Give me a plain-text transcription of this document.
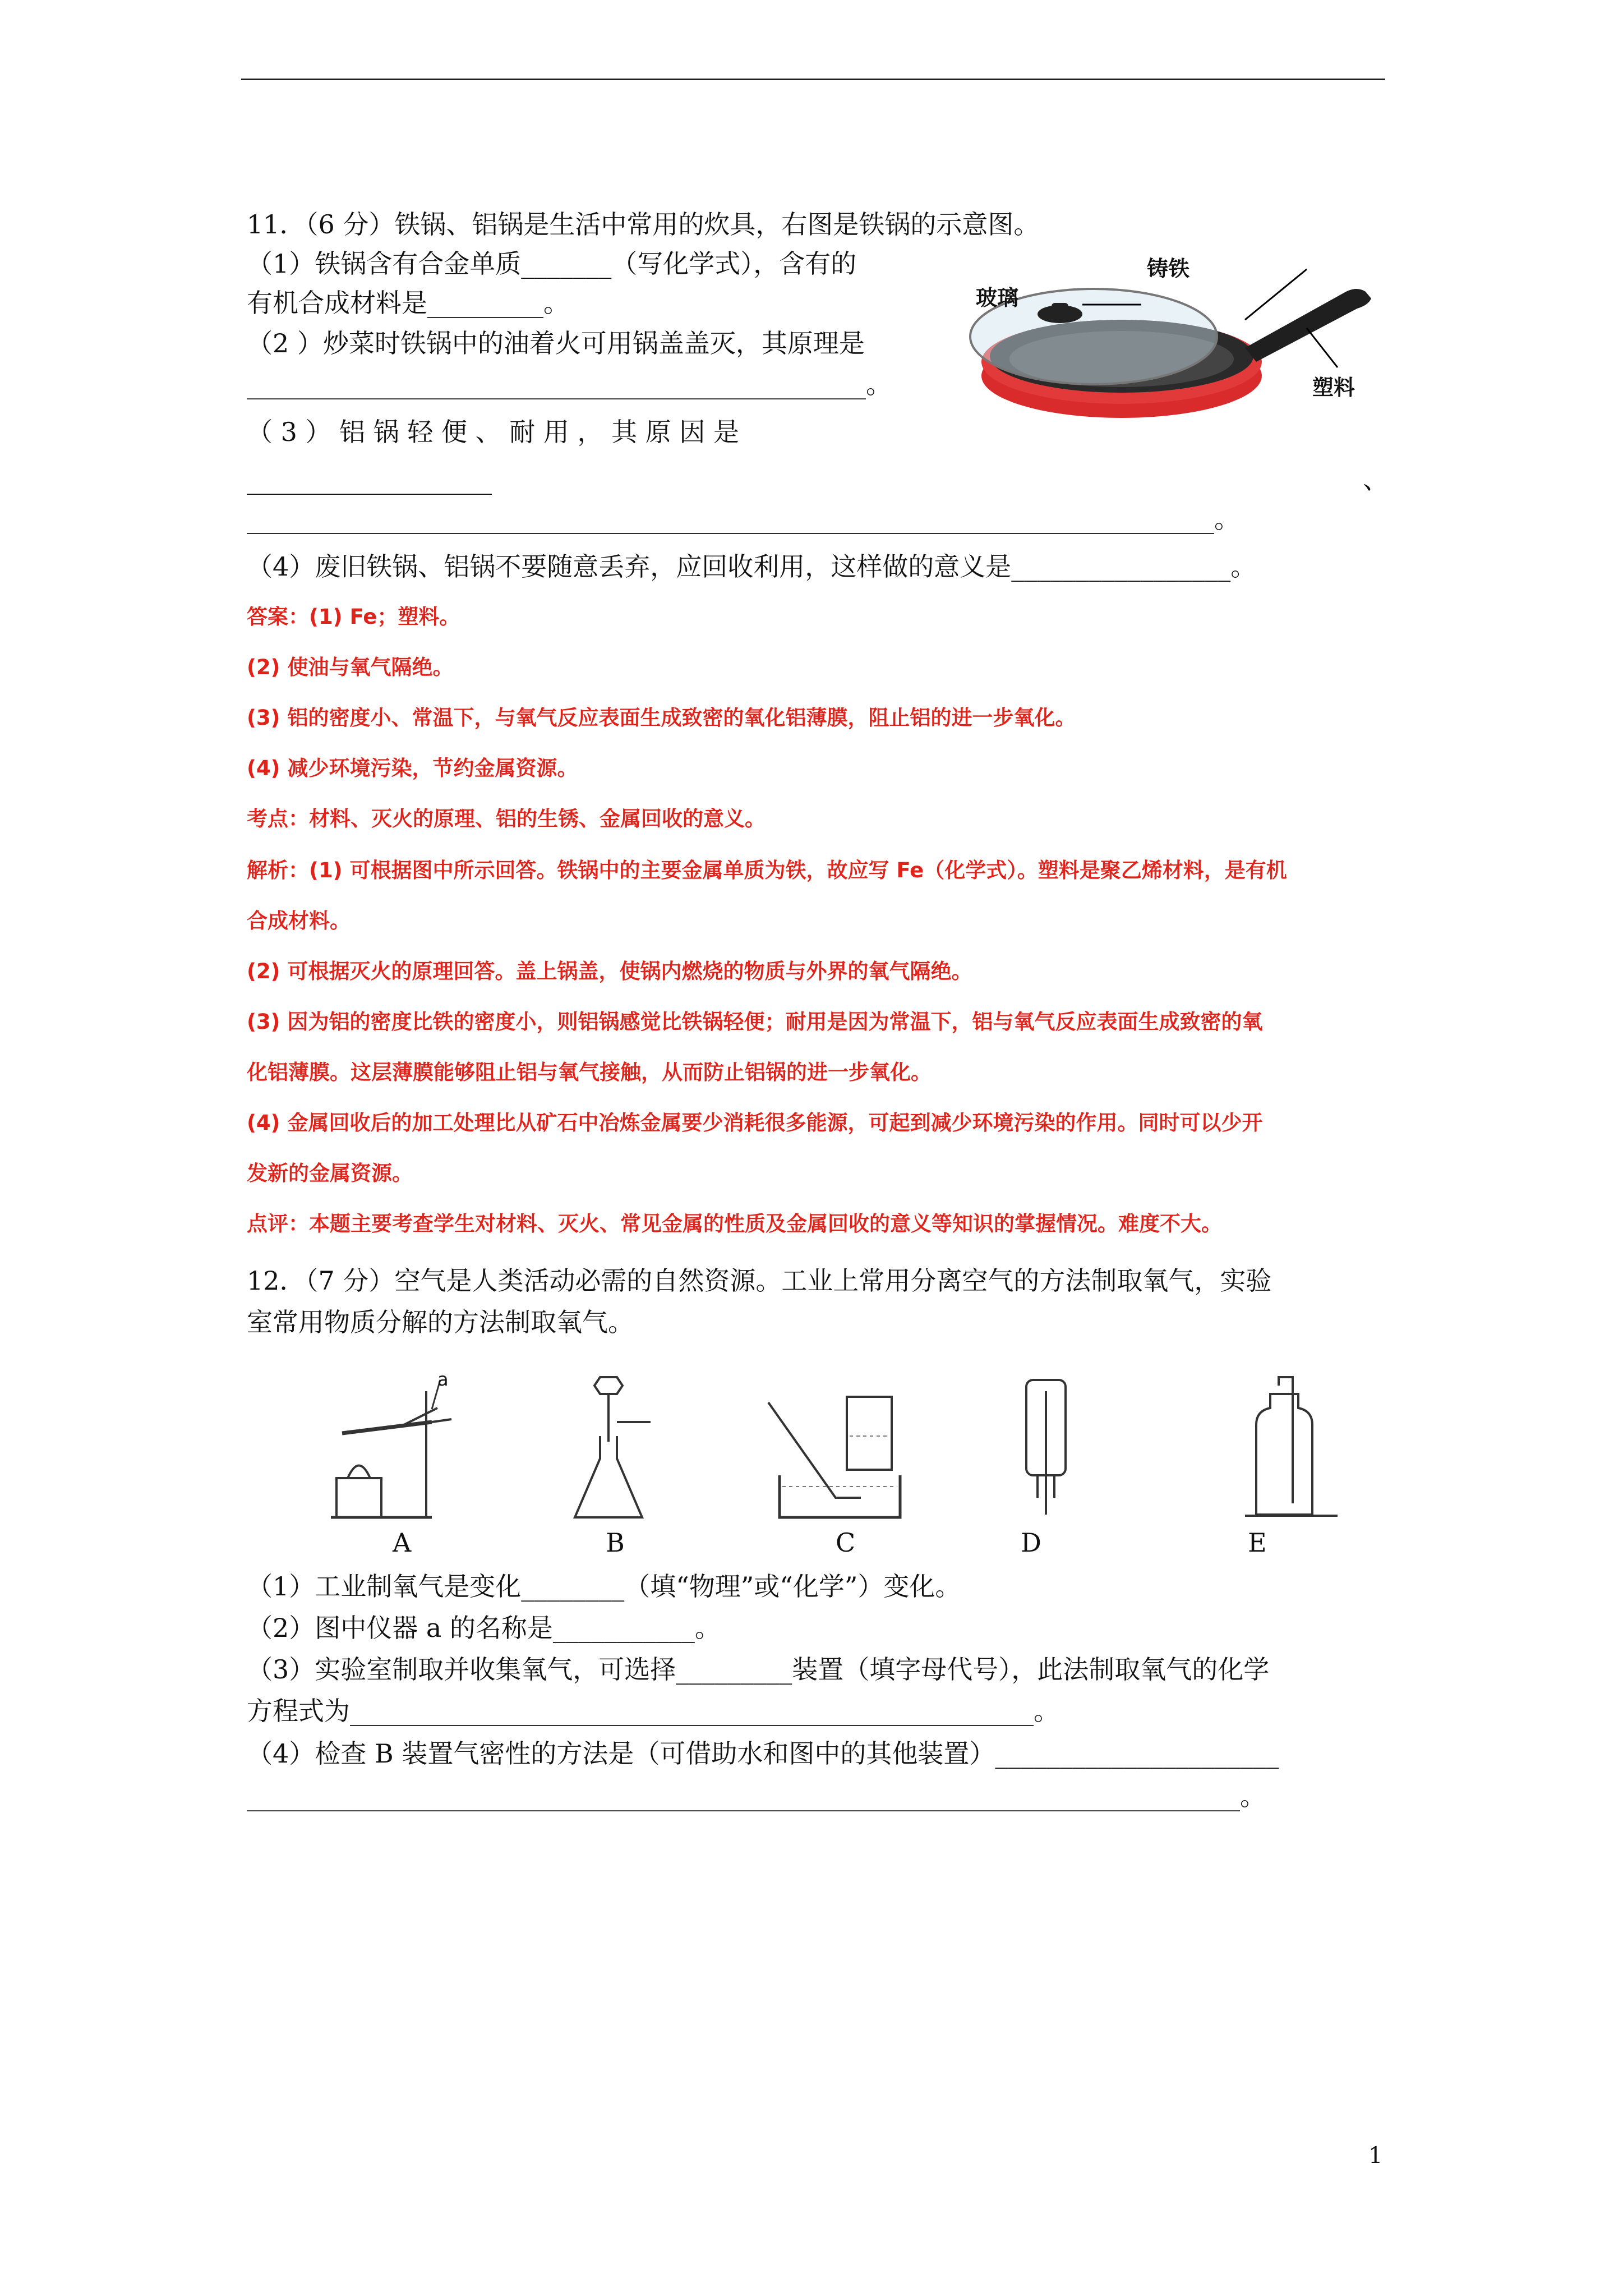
11．（6 分）铁锅、铝锅是生活中常用的炊具，右图是铁锅的示意图。
（1）铁锅含有合金单质_______（写化学式），含有的
有机合成材料是_________。
（2 ）炒菜时铁锅中的油着火可用锅盖盖灭，其原理是
________________________________________________。
（ 3 ） 铝 锅 轻 便 、 耐 用 ， 其 原 因 是
___________________	、
___________________________________________________________________________。
（4）废旧铁锅、铝锅不要随意丢弃，应回收利用，这样做的意义是_________________。
玻璃
铸铁
塑料
答案：(1) Fe；塑料。
(2) 使油与氧气隔绝。
(3) 铝的密度小、常温下，与氧气反应表面生成致密的氧化铝薄膜，阻止铝的进一步氧化。
(4) 减少环境污染，节约金属资源。
考点：材料、灭火的原理、铝的生锈、金属回收的意义。
解析：(1) 可根据图中所示回答。铁锅中的主要金属单质为铁，故应写 Fe（化学式）。塑料是聚乙烯材料，是有机
合成材料。
(2) 可根据灭火的原理回答。盖上锅盖，使锅内燃烧的物质与外界的氧气隔绝。
(3) 因为铝的密度比铁的密度小，则铝锅感觉比铁锅轻便；耐用是因为常温下，铝与氧气反应表面生成致密的氧
化铝薄膜。这层薄膜能够阻止铝与氧气接触，从而防止铝锅的进一步氧化。
(4) 金属回收后的加工处理比从矿石中冶炼金属要少消耗很多能源，可起到减少环境污染的作用。同时可以少开
发新的金属资源。
点评：本题主要考查学生对材料、灭火、常见金属的性质及金属回收的意义等知识的掌握情况。难度不大。
12．（7 分）空气是人类活动必需的自然资源。工业上常用分离空气的方法制取氧气，实验
室常用物质分解的方法制取氧气。
a
A	B	C	D	E
（1）工业制氧气是变化________（填“物理”或“化学”）变化。
（2）图中仪器 a 的名称是___________。
（3）实验室制取并收集氧气，可选择_________装置（填字母代号），此法制取氧气的化学
方程式为_____________________________________________________。
（4）检查 B 装置气密性的方法是（可借助水和图中的其他装置）______________________
_____________________________________________________________________________。
1
